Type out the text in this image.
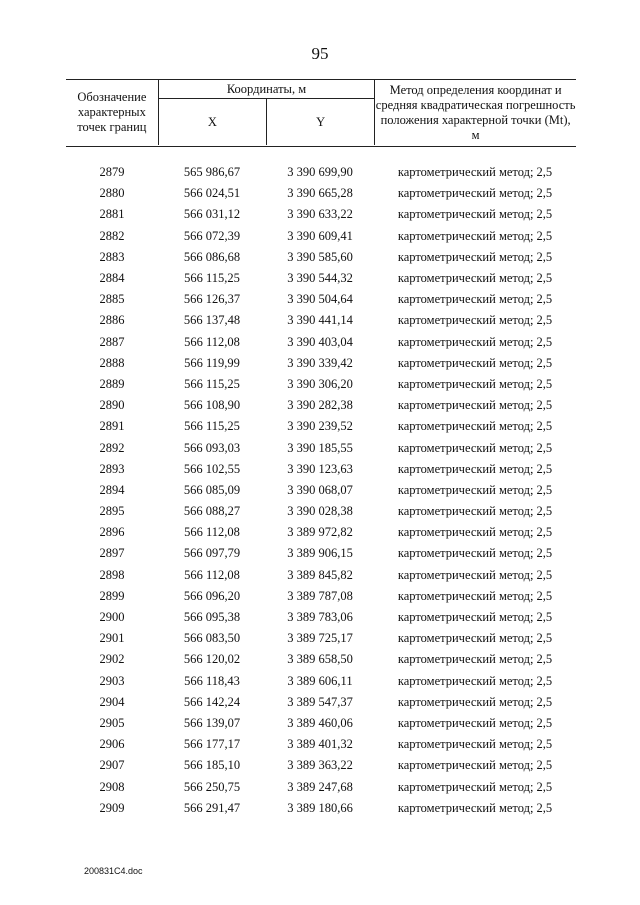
95
Обозначение характерных точек границ	Координаты, м		Метод определения координат и средняя квадратическая погрешность положения характерной точки (Mt), м
	X	Y	
2879	565 986,67	3 390 699,90	картометрический метод; 2,5
2880	566 024,51	3 390 665,28	картометрический метод; 2,5
2881	566 031,12	3 390 633,22	картометрический метод; 2,5
2882	566 072,39	3 390 609,41	картометрический метод; 2,5
2883	566 086,68	3 390 585,60	картометрический метод; 2,5
2884	566 115,25	3 390 544,32	картометрический метод; 2,5
2885	566 126,37	3 390 504,64	картометрический метод; 2,5
2886	566 137,48	3 390 441,14	картометрический метод; 2,5
2887	566 112,08	3 390 403,04	картометрический метод; 2,5
2888	566 119,99	3 390 339,42	картометрический метод; 2,5
2889	566 115,25	3 390 306,20	картометрический метод; 2,5
2890	566 108,90	3 390 282,38	картометрический метод; 2,5
2891	566 115,25	3 390 239,52	картометрический метод; 2,5
2892	566 093,03	3 390 185,55	картометрический метод; 2,5
2893	566 102,55	3 390 123,63	картометрический метод; 2,5
2894	566 085,09	3 390 068,07	картометрический метод; 2,5
2895	566 088,27	3 390 028,38	картометрический метод; 2,5
2896	566 112,08	3 389 972,82	картометрический метод; 2,5
2897	566 097,79	3 389 906,15	картометрический метод; 2,5
2898	566 112,08	3 389 845,82	картометрический метод; 2,5
2899	566 096,20	3 389 787,08	картометрический метод; 2,5
2900	566 095,38	3 389 783,06	картометрический метод; 2,5
2901	566 083,50	3 389 725,17	картометрический метод; 2,5
2902	566 120,02	3 389 658,50	картометрический метод; 2,5
2903	566 118,43	3 389 606,11	картометрический метод; 2,5
2904	566 142,24	3 389 547,37	картометрический метод; 2,5
2905	566 139,07	3 389 460,06	картометрический метод; 2,5
2906	566 177,17	3 389 401,32	картометрический метод; 2,5
2907	566 185,10	3 389 363,22	картометрический метод; 2,5
2908	566 250,75	3 389 247,68	картометрический метод; 2,5
2909	566 291,47	3 389 180,66	картометрический метод; 2,5
200831C4.doc
